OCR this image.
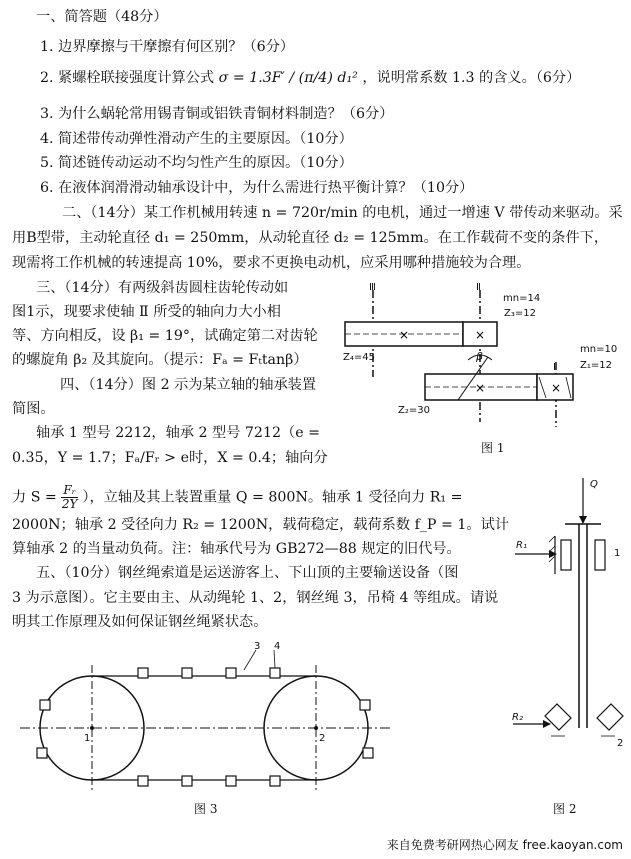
一、简答题（48分）
1. 边界摩擦与干摩擦有何区别？（6分）
2. 紧螺栓联接强度计算公式 σ = 1.3F′ / (π/4) d₁² ，说明常系数 1.3 的含义。（6分）
3. 为什么蜗轮常用锡青铜或铝铁青铜材料制造？（6分）
4. 简述带传动弹性滑动产生的主要原因。（10分）
5. 简述链传动运动不均匀性产生的原因。（10分）
6. 在液体润滑滑动轴承设计中，为什么需进行热平衡计算？（10分）
二、（14分）某工作机械用转速 n = 720r/min 的电机，通过一增速 V 带传动来驱动。采
用B型带，主动轮直径 d₁ = 250mm，从动轮直径 d₂ = 125mm。在工作载荷不变的条件下，
现需将工作机械的转速提高 10%，要求不更换电动机，应采用哪种措施较为合理。
三、（14分）有两级斜齿圆柱齿轮传动如
图1示，现要求使轴 Ⅱ 所受的轴向力大小相
等、方向相反，设 β₁ = 19°，试确定第二对齿轮
的螺旋角 β₂ 及其旋向。（提示：Fₐ = Fₜtanβ）
四、（14分）图 2 示为某立轴的轴承装置
简图。
轴承 1 型号 2212，轴承 2 型号 7212（e =
0.35，Y = 1.7；Fₐ/Fᵣ > e时，X = 0.4；轴向分
力 $S = \frac{\text{Fᵣ}}{2Y}$ ），立轴及其上装置重量 Q = 800N。轴承 1 受径向力 R₁ =
2000N；轴承 2 受径向力 R₂ = 1200N，载荷稳定，载荷系数 f_P = 1。试计
算轴承 2 的当量动负荷。注：轴承代号为 GB272—88 规定的旧代号。
五、（10分）钢丝绳索道是运送游客上、下山顶的主要输送设备（图
3 为示意图）。它主要由主、从动绳轮 1、2，钢丝绳 3，吊椅 4 等组成。请说
明其工作原理及如何保证钢丝绳紧状态。
×	×
×	×
Ⅲ	Ⅱ
Ⅰ
mn=14
Z₃=12
Z₄=45
mn=10
Z₁=12
Z₂=30
β
图 1
Q
R₁
1
R₂
2
图 2
1	2
3 4
图 3
来自免费考研网热心网友 free.kaoyan.com
